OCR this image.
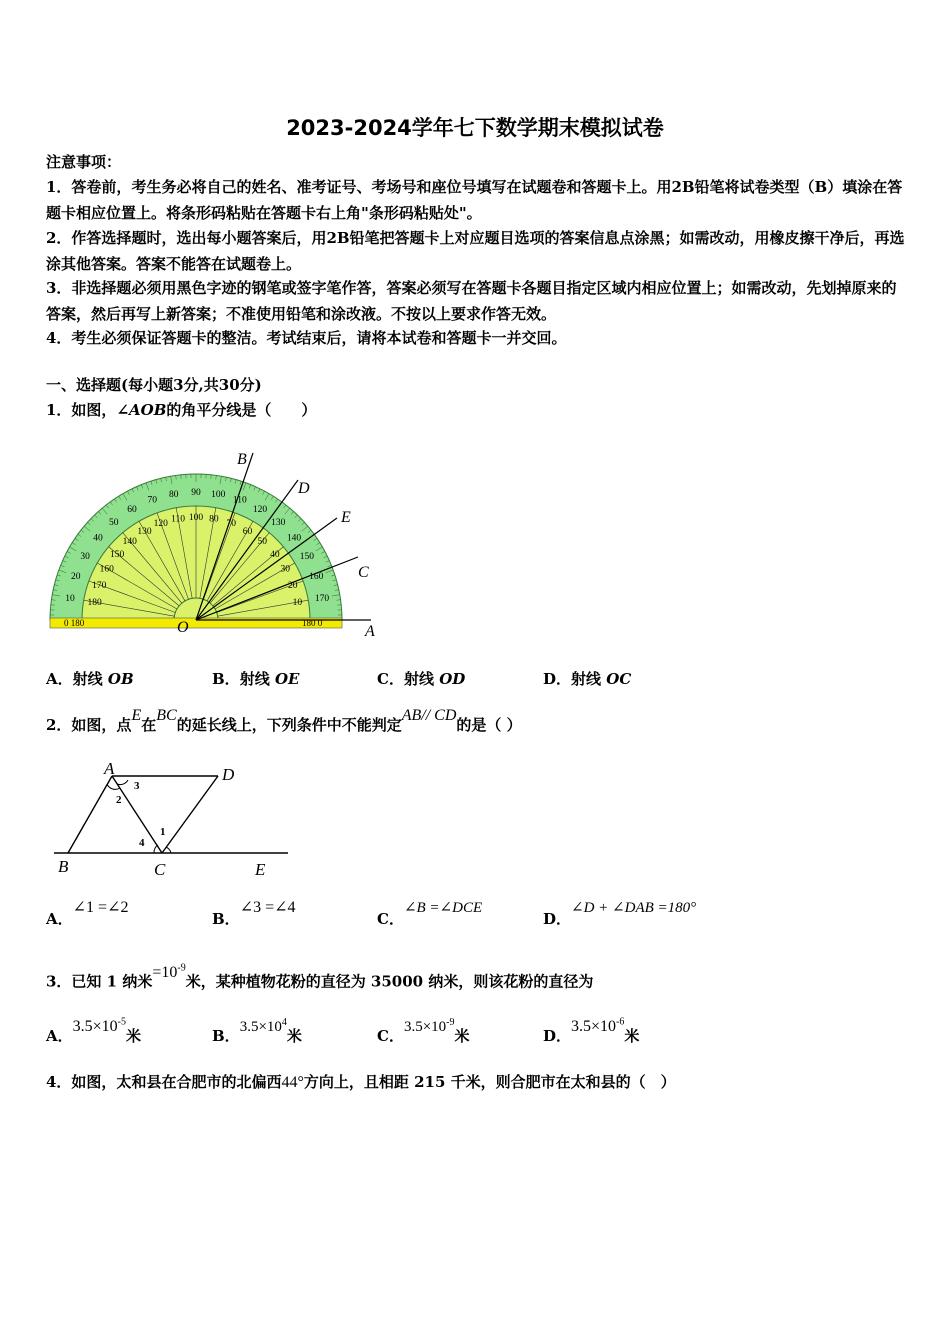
2023-2024学年七下数学期末模拟试卷
注意事项：
1．答卷前，考生务必将自己的姓名、准考证号、考场号和座位号填写在试题卷和答题卡上。用2B铅笔将试卷类型（B）填涂在答题卡相应位置上。将条形码粘贴在答题卡右上角"条形码粘贴处"。
2．作答选择题时，选出每小题答案后，用2B铅笔把答题卡上对应题目选项的答案信息点涂黑；如需改动，用橡皮擦干净后，再选涂其他答案。答案不能答在试题卷上。
3．非选择题必须用黑色字迹的钢笔或签字笔作答，答案必须写在答题卡各题目指定区域内相应位置上；如需改动，先划掉原来的答案，然后再写上新答案；不准使用铅笔和涂改液。不按以上要求作答无效。
4．考生必须保证答题卡的整洁。考试结束后，请将本试卷和答题卡一并交回。
一、选择题(每小题3分,共30分)
1．如图，∠AOB的角平分线是（　　）
0 180	180 0
10
20
30
40
50
60
70
80 90 100
110
120
130
140
150
160
170
180
170
160
150
140
130
120 110 100 80 70
60
50
40
30
20
10
B
D
E
C
O	A
A．射线 OB	B．射线 OE	C．射线 OD	D．射线 OC
2．如图，点E在BC的延长线上，下列条件中不能判定AB// CD的是（ ）
A	D
B	C	E
2
3
1
4
A．∠1 =∠2
B．∠3 =∠4
C．∠B =∠DCE
D．∠D + ∠DAB =180°
3．已知 1 纳米$=10^{-9}$米，某种植物花粉的直径为 35000 纳米，则该花粉的直径为
A．$3.5\times 10^{-5}$米	B．$3.5\times 10^4$米	C．$3.5\times 10^{-9}$米	D．$3.5\times 10^{-6}$米
4．如图，太和县在合肥市的北偏西44°方向上，且相距 215 千米，则合肥市在太和县的（　）
